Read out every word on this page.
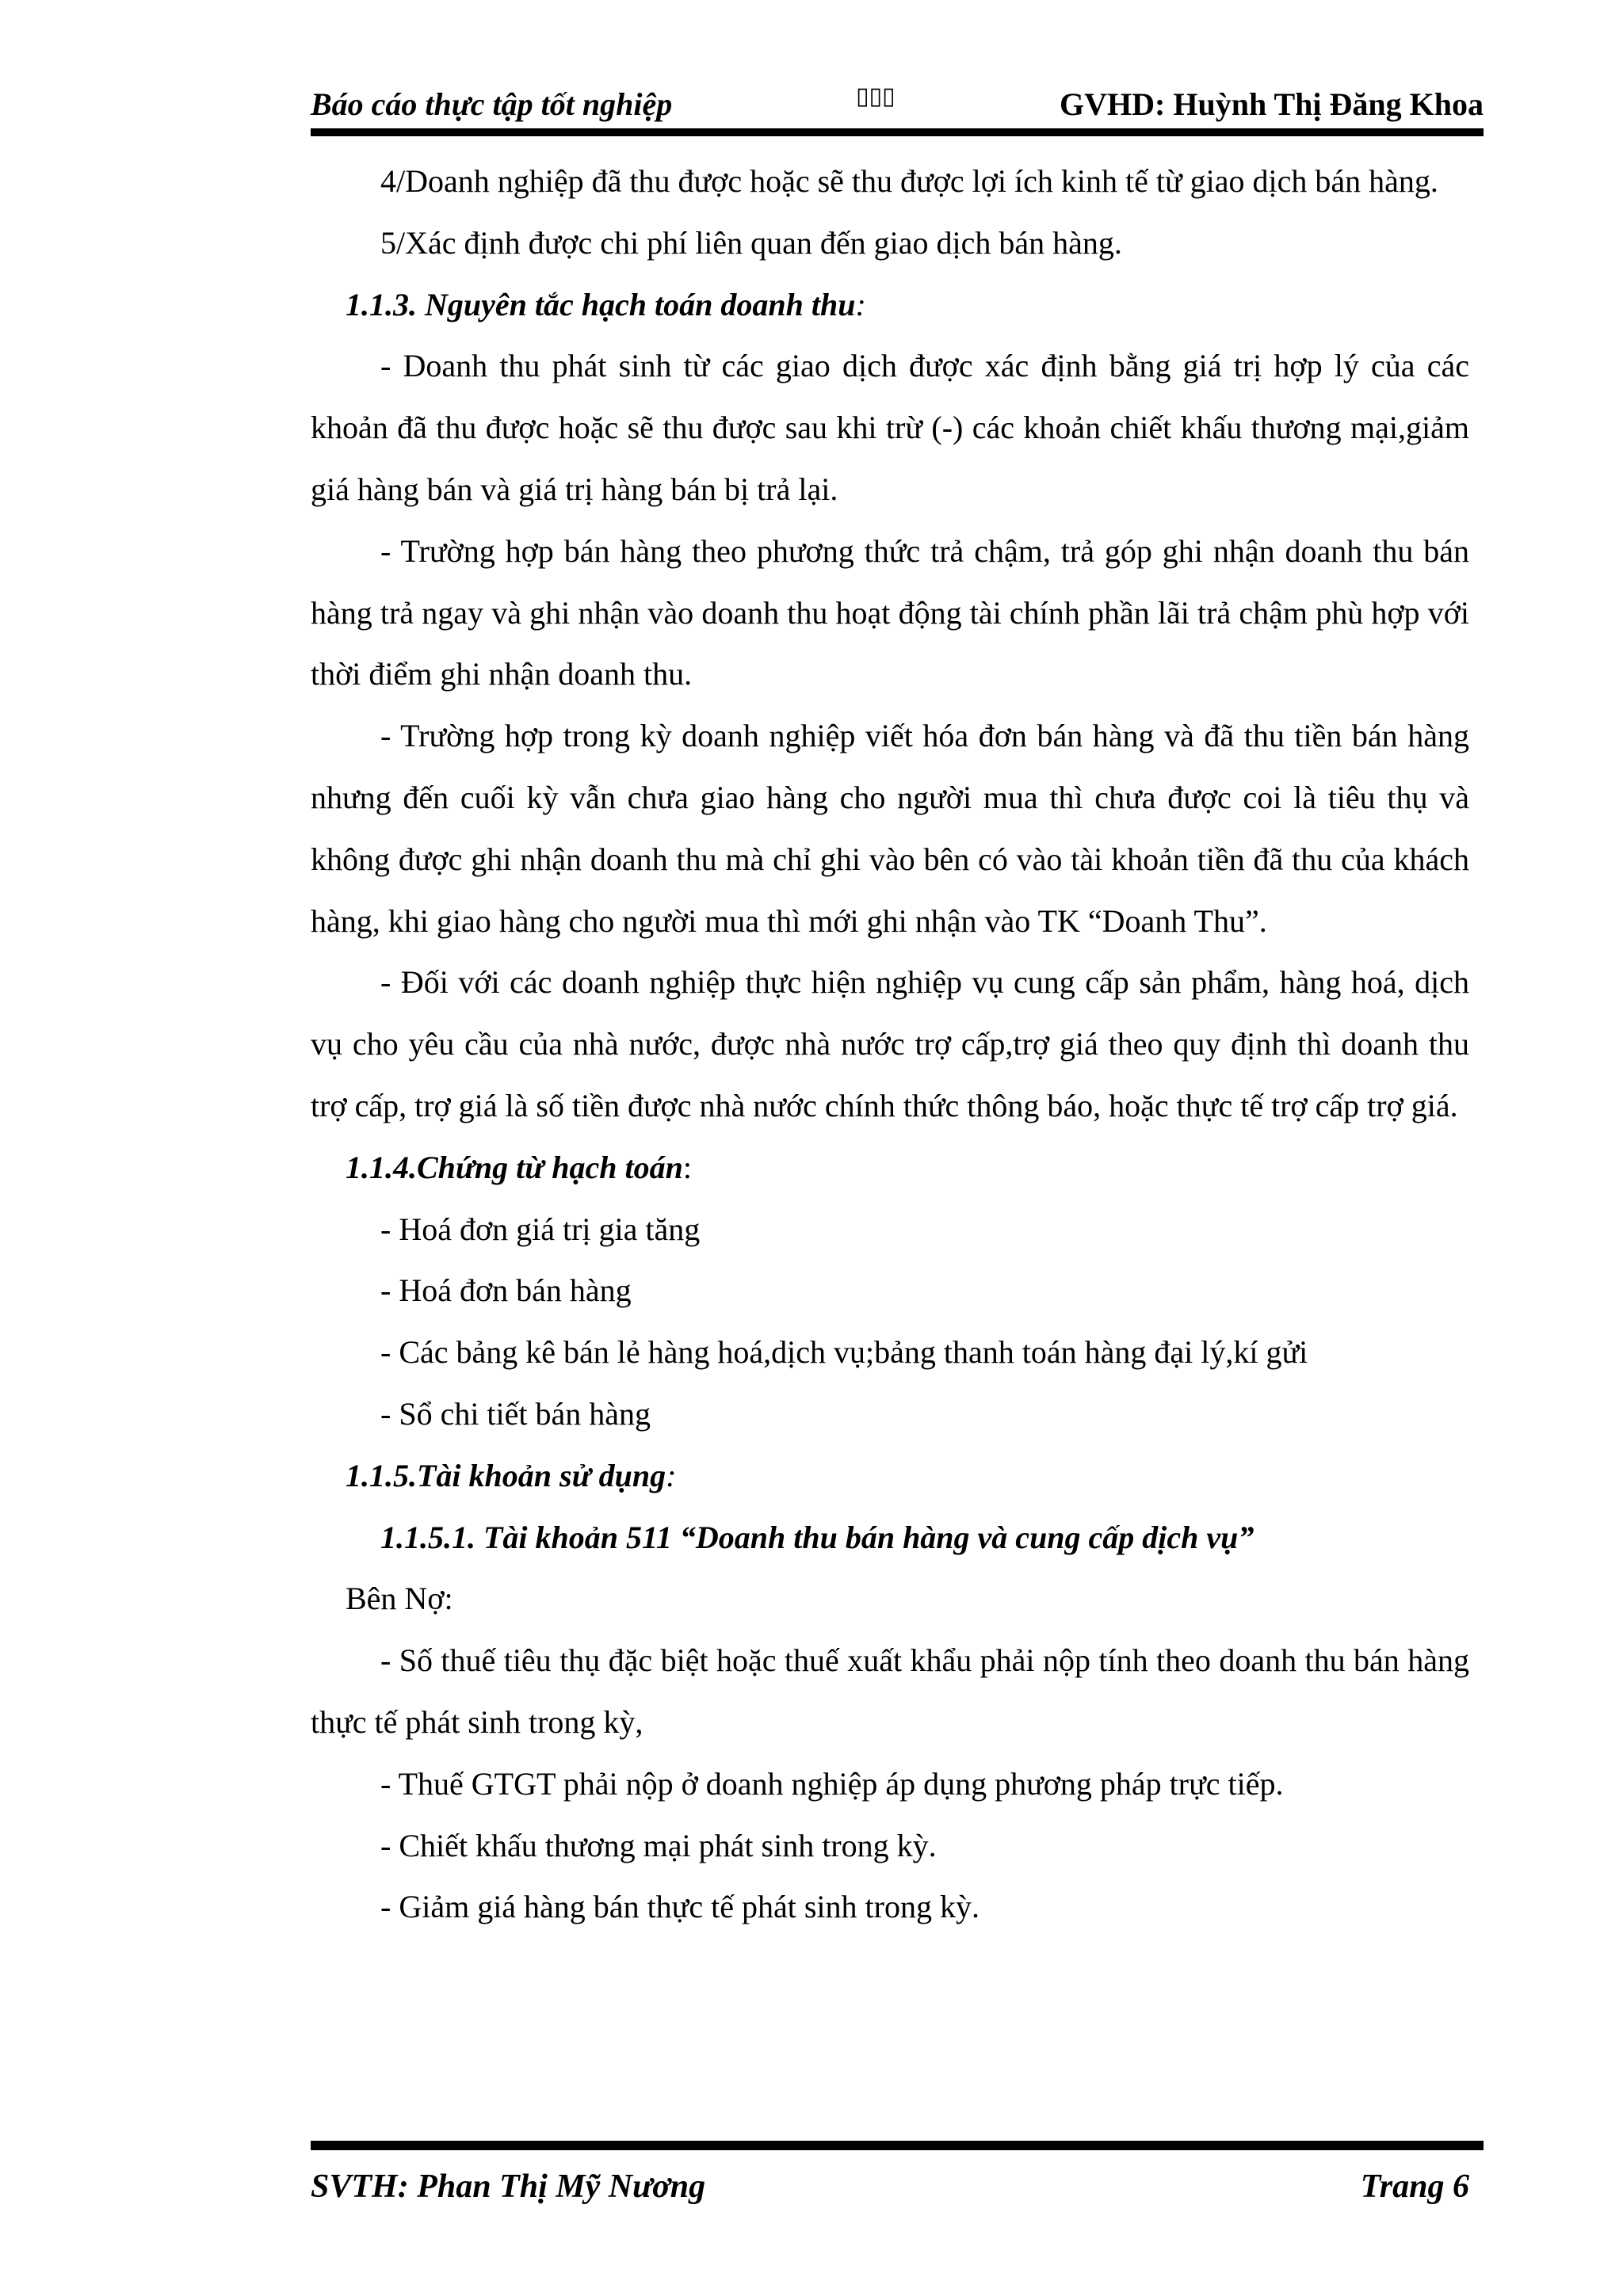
Báo cáo thực tập tốt nghiệp	▯▯▯	GVHD: Huỳnh Thị Đăng Khoa

4/Doanh nghiệp đã thu được hoặc sẽ thu được lợi ích kinh tế từ giao dịch bán hàng.

5/Xác định được chi phí liên quan đến giao dịch bán hàng.

1.1.3. Nguyên tắc hạch toán doanh thu:

- Doanh thu phát sinh từ các giao dịch được xác định bằng giá trị hợp lý của các khoản đã thu được hoặc sẽ thu được sau khi trừ (-) các khoản chiết khấu thương mại,giảm giá hàng bán và giá trị hàng bán bị trả lại.

- Trường hợp bán hàng theo phương thức trả chậm, trả góp ghi nhận doanh thu bán hàng trả ngay và ghi nhận vào doanh thu hoạt động tài chính phần lãi trả chậm phù hợp với thời điểm ghi nhận doanh thu.

- Trường hợp trong kỳ doanh nghiệp viết hóa đơn bán hàng và đã thu tiền bán hàng nhưng đến cuối kỳ vẫn chưa giao hàng cho người mua thì chưa được coi là tiêu thụ và không được ghi nhận doanh thu mà chỉ ghi vào bên có vào tài khoản tiền đã thu của khách hàng, khi giao hàng cho người mua thì mới ghi nhận vào TK “Doanh Thu”.

- Đối với các doanh nghiệp thực hiện nghiệp vụ cung cấp sản phẩm, hàng hoá, dịch vụ cho yêu cầu của nhà nước, được nhà nước trợ cấp,trợ giá theo quy định thì doanh thu trợ cấp, trợ giá là số tiền được nhà nước chính thức thông báo, hoặc thực tế trợ cấp trợ giá.

1.1.4.Chứng từ hạch toán:

- Hoá đơn giá trị gia tăng

- Hoá đơn bán hàng

- Các bảng kê bán lẻ hàng hoá,dịch vụ;bảng thanh toán hàng đại lý,kí gửi

- Sổ chi tiết bán hàng

1.1.5.Tài khoản sử dụng:

1.1.5.1. Tài khoản 511 “Doanh thu bán hàng và cung cấp dịch vụ”

Bên Nợ:

- Số thuế tiêu thụ đặc biệt hoặc thuế xuất khẩu phải nộp tính theo doanh thu bán hàng thực tế phát sinh trong kỳ,

- Thuế GTGT phải nộp ở doanh nghiệp áp dụng phương pháp trực tiếp.

- Chiết khấu thương mại phát sinh trong kỳ.

- Giảm giá hàng bán thực tế phát sinh trong kỳ.

SVTH: Phan Thị Mỹ Nương	Trang 6
